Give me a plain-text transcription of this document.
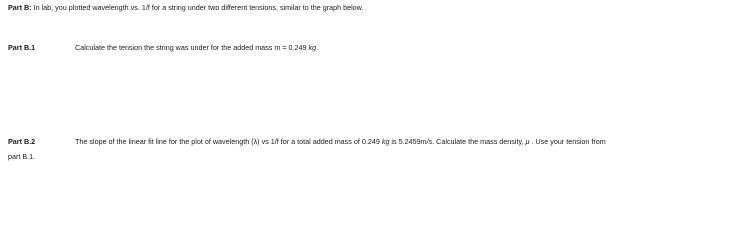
Part B: In lab, you plotted wavelength vs. 1/f for a string under two different tensions, similar to the graph below.
Part B.1	Calculate the tension the string was under for the added mass m = 0.249 kg.
Part B.2	The slope of the linear fit line for the plot of wavelength (λ) vs 1/f for a total added mass of 0.249 kg is 5.2459m/s. Calculate the mass density, μ . Use your tension from
part B.1.
